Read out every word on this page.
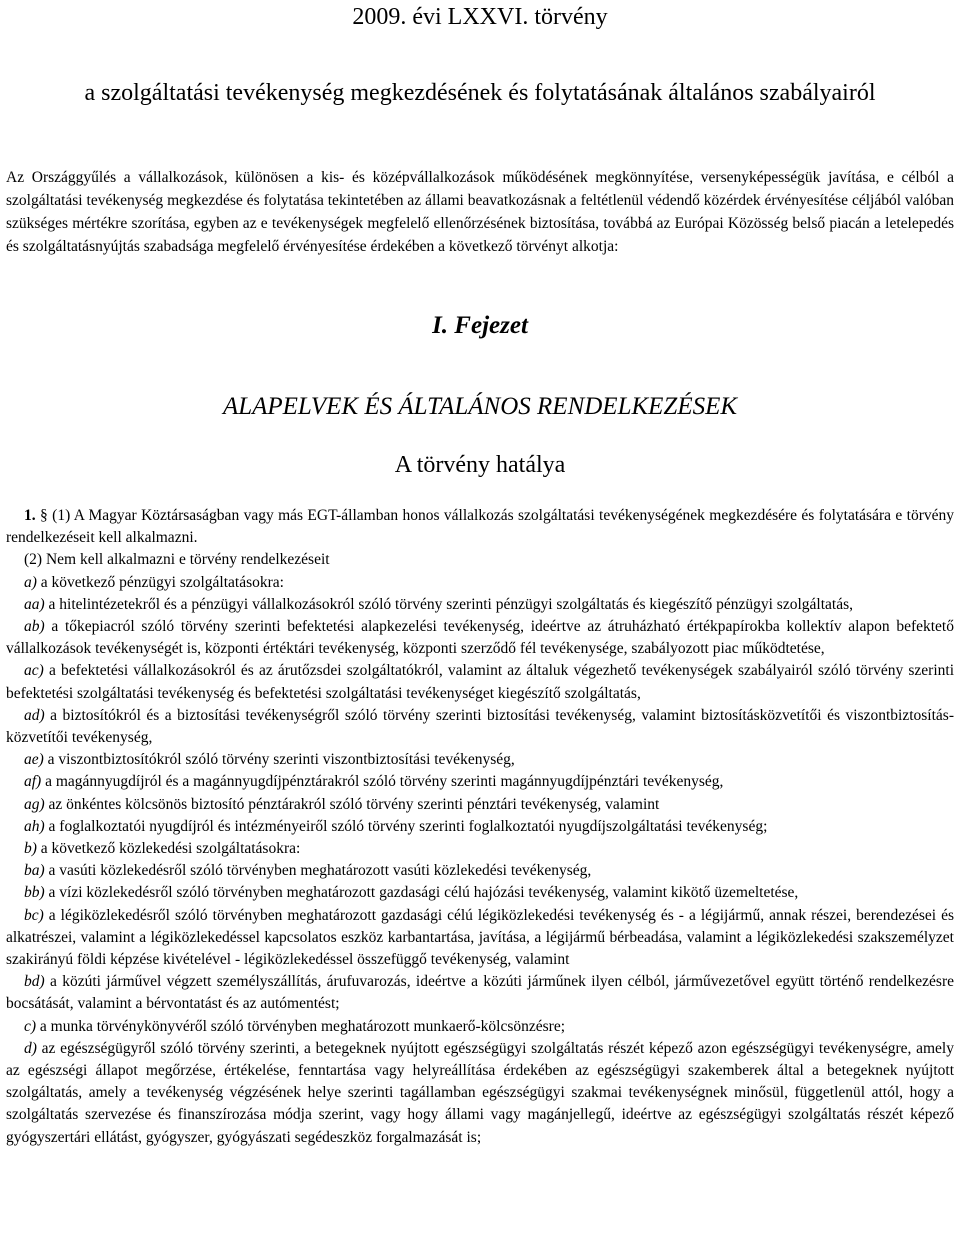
2009. évi LXXVI. törvény
a szolgáltatási tevékenység megkezdésének és folytatásának általános szabályairól
Az Országgyűlés a vállalkozások, különösen a kis- és középvállalkozások működésének megkönnyítése, versenyképességük javítása, e célból a szolgáltatási tevékenység megkezdése és folytatása tekintetében az állami beavatkozásnak a feltétlenül védendő közérdek érvényesítése céljából valóban szükséges mértékre szorítása, egyben az e tevékenységek megfelelő ellenőrzésének biztosítása, továbbá az Európai Közösség belső piacán a letelepedés és szolgáltatásnyújtás szabadsága megfelelő érvényesítése érdekében a következő törvényt alkotja:
I. Fejezet
ALAPELVEK ÉS ÁLTALÁNOS RENDELKEZÉSEK
A törvény hatálya

1. § (1) A Magyar Köztársaságban vagy más EGT-államban honos vállalkozás szolgáltatási tevékenységének megkezdésére és folytatására e törvény rendelkezéseit kell alkalmazni.

(2) Nem kell alkalmazni e törvény rendelkezéseit

a) a következő pénzügyi szolgáltatásokra:

aa) a hitelintézetekről és a pénzügyi vállalkozásokról szóló törvény szerinti pénzügyi szolgáltatás és kiegészítő pénzügyi szolgáltatás,

ab) a tőkepiacról szóló törvény szerinti befektetési alapkezelési tevékenység, ideértve az átruházható értékpapírokba kollektív alapon befektető vállalkozások tevékenységét is, központi értéktári tevékenység, központi szerződő fél tevékenysége, szabályozott piac működtetése,

ac) a befektetési vállalkozásokról és az árutőzsdei szolgáltatókról, valamint az általuk végezhető tevékenységek szabályairól szóló törvény szerinti befektetési szolgáltatási tevékenység és befektetési szolgáltatási tevékenységet kiegészítő szolgáltatás,

ad) a biztosítókról és a biztosítási tevékenységről szóló törvény szerinti biztosítási tevékenység, valamint biztosításközvetítői és viszontbiztosítás-közvetítői tevékenység,

ae) a viszontbiztosítókról szóló törvény szerinti viszontbiztosítási tevékenység,

af) a magánnyugdíjról és a magánnyugdíjpénztárakról szóló törvény szerinti magánnyugdíjpénztári tevékenység,

ag) az önkéntes kölcsönös biztosító pénztárakról szóló törvény szerinti pénztári tevékenység, valamint

ah) a foglalkoztatói nyugdíjról és intézményeiről szóló törvény szerinti foglalkoztatói nyugdíjszolgáltatási tevékenység;

b) a következő közlekedési szolgáltatásokra:

ba) a vasúti közlekedésről szóló törvényben meghatározott vasúti közlekedési tevékenység,

bb) a vízi közlekedésről szóló törvényben meghatározott gazdasági célú hajózási tevékenység, valamint kikötő üzemeltetése,

bc) a légiközlekedésről szóló törvényben meghatározott gazdasági célú légiközlekedési tevékenység és - a légijármű, annak részei, berendezései és alkatrészei, valamint a légiközlekedéssel kapcsolatos eszköz karbantartása, javítása, a légijármű bérbeadása, valamint a légiközlekedési szakszemélyzet szakirányú földi képzése kivételével - légiközlekedéssel összefüggő tevékenység, valamint

bd) a közúti járművel végzett személyszállítás, árufuvarozás, ideértve a közúti járműnek ilyen célból, járművezetővel együtt történő rendelkezésre bocsátását, valamint a bérvontatást és az autómentést;

c) a munka törvénykönyvéről szóló törvényben meghatározott munkaerő-kölcsönzésre;

d) az egészségügyről szóló törvény szerinti, a betegeknek nyújtott egészségügyi szolgáltatás részét képező azon egészségügyi tevékenységre, amely az egészségi állapot megőrzése, értékelése, fenntartása vagy helyreállítása érdekében az egészségügyi szakemberek által a betegeknek nyújtott szolgáltatás, amely a tevékenység végzésének helye szerinti tagállamban egészségügyi szakmai tevékenységnek minősül, függetlenül attól, hogy a szolgáltatás szervezése és finanszírozása módja szerint, vagy hogy állami vagy magánjellegű, ideértve az egészségügyi szolgáltatás részét képező gyógyszertári ellátást, gyógyszer, gyógyászati segédeszköz forgalmazását is;
